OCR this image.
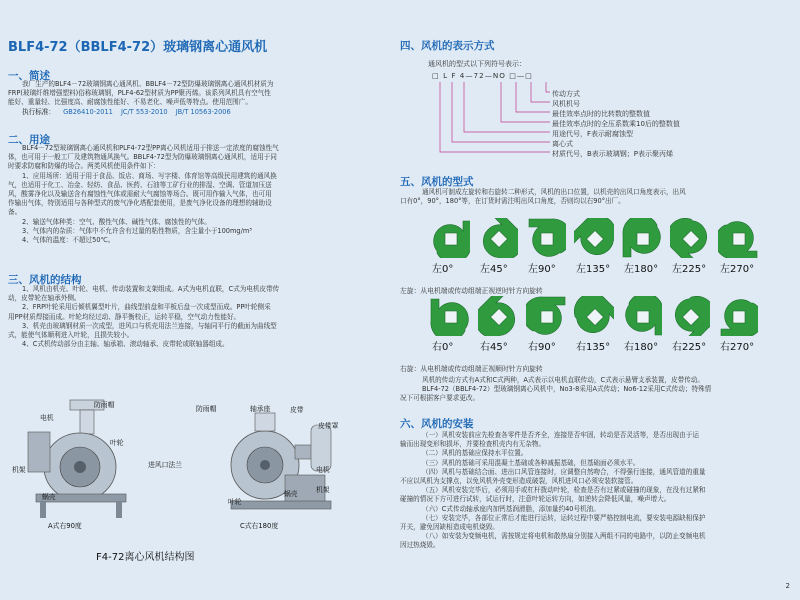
BLF4-72（BBLF4-72）玻璃钢离心通风机
一、简述
我厂生产的BLF4－72玻璃钢离心通风机、BBLF4－72型防爆玻璃钢离心通风机材质为
FRP(玻璃纤维增强塑料)俗称玻璃钢，PLF4-62型材质为PP聚丙烯。该系列风机具有空气性
能好、重量轻、比强度高、耐腐蚀性能好、不易老化、噪声低等特点。使用范围广。
执行标准： GB26410-2011 JC/T 553-2010 JB/T 10563-2006
二、用途
BLF4－72型玻璃钢离心通风机和PLF4-72型PP离心风机适用于排送一定浓度的腐蚀性气
体，也可用于一般工厂及建筑物通风换气。BBLF4-72型为防爆玻璃钢离心通风机，适用于同
时要求防腐和防爆的场合。两类风机使用条件如下：
1、应用场所：适用于用于食品、饭店、商场、写字楼、体育馆等高级民用建筑的通风换
气，也适用于化工、冶金、轻纺、食品、医药、石油等工矿行业的排湿、空调、管道加压送
风，酸雾净化以及输送含有腐蚀性气体或需耐大气腐蚀等场合。既可用作输入气体，也可用
作输出气体，特别适用与各种型式的废气净化塔配套使用，是废气净化设备的理想的辅助设
备。
2、输送气体种类：空气、酸性气体、碱性气体、腐蚀性的气体。
3、气体内的杂质：气体中不允许含有过量的粘性物质，含尘量小于100mg/m³
4、气体的温度：不超过50℃。
三、风机的结构
1、风机由机壳、叶轮、电机、传动装置和支架组成。A式为电机直联，C式为电机皮带传
动，皮带轮在轴承外侧。
2、FRP叶轮采用后倾机翼型叶片，曲线型前盘和平板后盘一次成型而成。PP叶轮侧采
用PP材质焊接而成。叶轮均经过动、静平衡校正，运转平稳，空气动力性能好。
3、机壳由玻璃钢材质一次成型，进风口与机壳用法兰连接，与轴同平行的截面为曲线型
式，能使气体顺利进入叶轮，且损失较小。
4、C式机传动部分由主轴、轴承箱、滚动轴承、皮带轮或联轴器组成。
防雨帽
电机
叶轮
机架
蜗壳
A式右90度
防雨帽	轴承座	皮带
皮带罩
进风口法兰
电机
机架
叶轮
蜗壳
C式右180度
F4-72离心风机结构图
四、风机的表示方式
通风机的型式以下列符号表示：
□ L F 4—72—NO □—□
传动方式
风机机号
最佳效率点时的比转数的整数值
最佳效率点时的全压系数乘10后的整数值
用途代号，F表示耐腐蚀型
离心式
材质代号，B表示玻璃钢；P表示聚丙烯
五、风机的型式
通风机可制成左旋转和右旋转二种形式，风机的出口位置，以机壳的出风口角度表示，出风
口有0°，90°，180°等，在订货时需注明出风口角度，否则均以右90°出厂。
左0°	左45° 左90° 左135° 左180° 左225° 左270°
左旋：从电机端或传动组端正视逆时针方向旋转
右0°	右45° 右90° 右135° 右180° 右225° 右270°
右旋：从电机端或传动组端正视顺时针方向旋转
风机的传动方式有A式和C式两种，A式表示以电机直联传动，C式表示悬臂支承装置，皮带传动。
BLF4-72（BBLF4-72）型玻璃钢离心风机中，No3-8采用A式传动；No6-12采用C式传动；特殊情
况下可根据客户要求更改。
六、风机的安装
（一）风机安装前应先检查各零件是否齐全，连接是否牢固，转动是否灵活等，是否出现由于运
输而出现变形和损坏，并要检查机壳内有无杂物。
（二）风机的基础应保持水平位置。
（三）风机的基础可采用混凝土基础或各种减振基础，但基础面必须水平。
（四）风机与基础结合面、进出口风管连接时，应调整自然吻合，不得强行连接，通风管道的重量
不应以风机为支撑点，以免风机外壳变形造成破裂，风机进风口必须安装软接管。
（五）风机安装完毕后，必须用手或杠杆拨动叶轮，检查是否有过紧或碰撞的现象，在没有过紧和
碰撞的情况下方可进行试转，试运行时，注意叶轮运转方向，如逆转会降低风量，噪声增大。
（六）C式传动轴承座内加钙基润滑脂，添加量约40号机油。
（七）安装完毕，各部位正常后才能进行运转，运转过程中要严格控制电流，要安装电源缺相保护
开关，避免因缺相造成电机烧毁。
（八）如安装为变频电机，需按规定将电机和散热扇分别接入两组不同的电路中，以防止变频电机
因过热烧毁。
2
